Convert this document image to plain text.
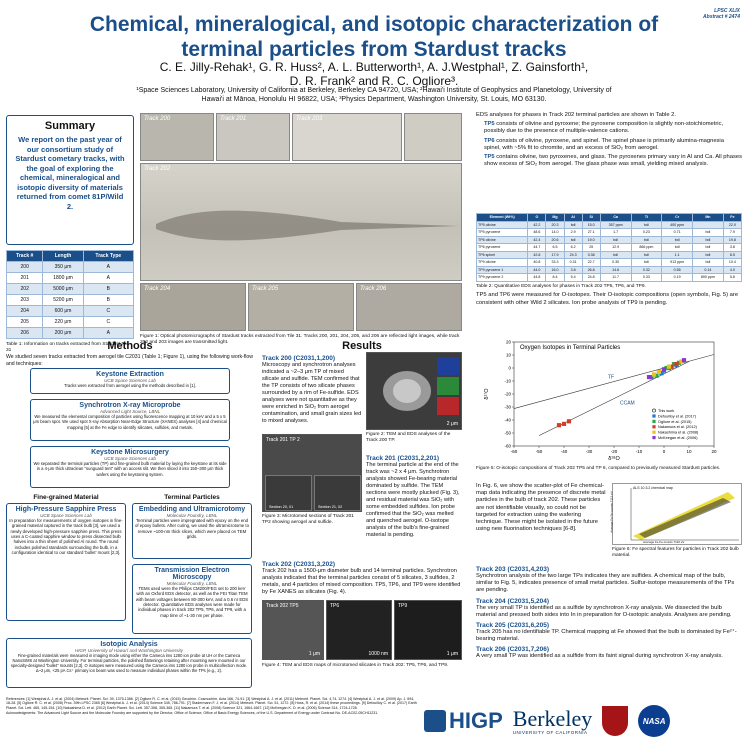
Chemical, mineralogical, and isotopic characterization of
terminal particles from Stardust tracks
LPSC XLIX
Abstract # 2474
C. E. Jilly-Rehak¹, G. R. Huss², A. L. Butterworth¹, A. J.Westphal¹, Z. Gainsforth¹,
D. R. Frank² and R. C. Ogliore³.
¹Space Sciences Laboratory, University of California at Berkeley, Berkeley CA 94720, USA; ²Hawai'i Institute of Geophysics and Planetology, University of
Hawai'i at Mānoa, Honolulu HI 96822, USA; ³Physics Department, Washington University, St. Louis, MO 63130.
Summary
We report on the past year of our consortium study of Stardust cometary tracks, with the goal of exploring the chemical, mineralogical and isotopic diversity of materials returned from comet 81P/Wild 2.
Track #	Length	Track Type
200	350 μm	A
201	1800 μm	A
202	5000 μm	B
203	5200 μm	B
204	600 μm	C
205	220 μm	C
206	200 μm	A
Table 1: Information on tracks extracted from Stardust Tile 31
Track 200	Track 201	Track 203
Track 202
Track 204	Track 205	Track 206
Figure 1: Optical photomicrographs of Stardust tracks extracted from Tile 31. Tracks 200, 201, 204, 205, and 206 are reflected light images, while track 202 and 203 images are transmitted light.
Methods
We studied seven tracks extracted from aerogel tile C2031 (Table 1; Figure 1), using the following work-flow and techniques:
Keystone Extraction
UCB Space Sciences Lab
Tracks were extracted from aerogel using the methods described in [1].
Synchrotron X-ray Microprobe
Advanced Light Source, LBNL
We measured the elemental composition of particles using fluorescence mapping at 10 keV and a 5 x 5 μm beam spot. We used spot X-ray Absorption Near-Edge Structure (XANES) analyses [4] and chemical mapping [5] at the Fe edge to identify silicates, sulfides, and metals.
Keystone Microsurgery
UCB Space Sciences Lab
We separated the terminal particles (TP) and fine-grained bulb material by laying the keystone at its side in a 4-μm thick ultraclean "sunguard tent" with an access slit. We then sliced it into 150–300 μm thick wafers using the keystoning system.
Fine-grained Material	Terminal Particles
High-Pressure Sapphire Press
UCB Space Sciences Lab
In preparation for measurements of oxygen isotopes in fine-grained material captured in the track bulb [3], we used a newly developed high-pressure sapphire press. This press uses a C-coated sapphire window to press dissected bulb halves into a thin sheet of polished Al round. The round includes polished standards surrounding the bulb, in a configuration identical to our standard 'bullet' mount [2,3].
Embedding and Ultramicrotomy
Molecular Foundry, LBNL
Terminal particles were impregnated with epoxy on the end of epoxy bullets. After curing, we used the ultramicrotome to remove ~100-nm thick slices, which were placed on TEM grids.
Transmission Electron Microscopy
Molecular Foundry, LBNL
TEMs used were the Philips CM200/FEG set to 200 keV with an Oxford EDS detector, as well as the FEI Titan TEM with beam voltages between 80-300 keV, and a 0.6 nr EDS detector. Quantitative EDS analyses were made for individual phases in track 202 TP5, TP6, and TP9, with a map time of ~1-30 nm per phase.
Isotopic Analysis
HIGP, University of Hawai'i and Washington University
Fine-grained materials were measured in imaging mode using either the Cameca ims 1280 ion probe at UH or the Cameca NanoSIMS at Washington University. For terminal particles, the polished flattenings retaining after mounting were mounted in our specialty-designed "bullet" mounts [2,3]. O isotopes were measured using the Cameca ims 1280 ion probe in multicollection mode. Δ~2 μm, <25 pA Cs⁺ primary ion beam was used to measure individual phases within the TPs (e.g., 2).
Results
Track 200 (C2031,1,200)
Microscopy and synchrotron analyses indicated a ~2–3 μm TP of mixed silicate and sulfide. TEM confirmed that the TP consists of two silicate phases surrounded by a rim of Fe-sulfide. EDS analyses were not quantitative as they were enriched in SiO₂ from aerogel contamination, and small grain sizes led to mixed analyses.	2 μm
Figure 2: TEM and EDS analyses of the Track 200 TP.
Track 201 TP 2
Section 20, 01	Section 21, 02
Figure 3: Microtomed sections of Track 201 TP2 showing aerogel and sulfide.
Track 201 (C2031,2,201)
The terminal particle at the end of the track was ~2 x 4 μm. Synchrotron analysis showed Fe-bearing material dominated by sulfide. The TEM sections were mostly plucked (Fig. 3), and residual material was SiO₂ with some embedded sulfides. Ion probe confirmed that the SiO₂ was melted and quenched aerogel. O-isotope analysis of the bulb's fine-grained material is pending.
Track 202 (C2031,3,202)
Track 202 has a 1500-μm diameter bulb and 14 terminal particles. Synchrotron analysis indicated that the terminal particles consist of 5 silicates, 3 sulfides, 2 metals, and 4 particles of mixed composition. TP5, TP6, and TP9 were identified by Fe XANES as silicates (Fig. 4).
Track 202 TP5
1 μm
TP6
1000 nm
TP9
1 μm
Figure 4: TEM and EDS maps of microtomed silicates in Track 202: TP5, TP6, and TP9.
EDS analyses for phases in Track 202 terminal particles are shown in Table 2.
TP5 consists of olivine and pyroxene; the pyroxene composition is slightly non-stoichiometric, possibly due to the presence of multiple-valence cations.
TP6 consists of olivine, pyroxene, and spinel. The spinel phase is primarily alumina-magnesia spinel, with ~5% fit to chromite, and an excess of SiO₂ from aerogel.
TP5 contains olivine, two pyroxenes, and glass. The pyroxenes primary vary in Al and Ca. All phases show excess of SiO₂ from aerogel. The glass phase was small, yielding mixed analysis.
Element (Wt%)	O	Mg	Al	Si	Ca	Ti	Cr	Mn	Fe
TP5 olivine	42.2	20.3	bdl	15.0	357 ppm	bdl	400 ppm		22.0
TP5 pyroxene	48.6	14.0	2.9	27.1	1.7	0.23	0.71	bdl	7.9
TP6 olivine	42.4	20.6	bdl	19.0	bdl	bdl	bdl	bdl	19.8
TP6 pyroxene	44.7	6.5	6.2	25	12.9	866 ppm	bdl	bdl	3.8
TP6 spinel	42.8	17.9	24.3	0.38	bdl	bdl	1.1	bdl	8.5
TP9 olivine	40.8	33.3	0.31	22.7	0.30	bdl	913 ppm	bdl	10.4
TP9 pyroxene 1	44.0	16.0	3.8	26.8	14.6	0.32	0.55	0.14	4.0
TP9 pyroxene 2	44.8	8.4	5.4	24.8	11.7	0.33	0.19	890 ppm	5.8
Table 2: Quantitative EDS analyses for phases in Track 202 TP5, TP6, and TP9.
TP5 and TP6 were measured for O-isotopes. Their O-isotopic compositions (open symbols, Fig. 5) are consistent with other Wild 2 silicates. Ion probe analysis of TP9 is pending.
-60	-50	-40	-30	-20	-10	0	10	20
-60
-50
-40
-30
-20
-10
0
10
20
Oxygen Isotopes in Terminal Particles
δ¹⁸O
δ¹⁷O
TF
CCAM
This work
Defouilloy et al. (2017)
Ogliore et al. (2015)
Nakamura et al. (2012)
Nakashima et al. (2008)
McKeegan et al. (2006)
Figure 5: O-isotopic compositions of Track 202 TP5 and TP 6, compared to previously measured Stardust particles.
In Fig. 6, we show the scatter-plot of Fe chemical-map data indicating the presence of discrete metal particles in the bulb of track 202. These particles are not identifiable visually, so could not be targeted for extraction using the wafering technique. These might be isolated in the future using new fluorination techniques [6-8].
ALS 10.3.2 chemical map
Average Fe Fe-counts 7110 eV
Average Fe Fe-counts 7112 eV
Figure 6: Fe spectral features for particles in Track 202 bulb material.
Track 203 (C2031,4,203)
Synchrotron analysis of the two large TPs indicates they are sulfides. A chemical map of the bulb, similar to Fig. 5, indicates presence of small metal particles. Sulfur-isotope measurements of the TPs are pending.
Track 204 (C2031,5,204)
The very small TP is identified as a sulfide by synchrotron X-ray analysis. We dissected the bulb material and pressed both sides into In in preparation for O-isotopic analysis. Analyses are pending.
Track 205 (C2031,6,205)
Track 205 has no identifiable TP. Chemical mapping at Fe showed that the bulb is dominated by Fe²⁺-bearing material.
Track 206 (C2031,7,206)
A very small TP was identified as a sulfide from its faint signal during synchrotron X-ray analysis.
References: [1] Westphal A. J. et al. (2004) Meteorit. Planet. Sci. 39, 1375-1386. [2] Ogliore R. C. et al. (2015) Geochim. Cosmochim. Acta 166, 74-91. [3] Westphal A. J. et al. (2011) Meteorit. Planet. Sci. 4,74, 1274. [4] Westphal A. J. et al. (2009) Ap. J. 694, 18-28. [5] Ogliore R. C. et al. (2008) Proc. 39th LPSC 2365 [6] Westphal A. J. et al. (2014) Science 345, 786-791. [7] Stadermann F. J. et al. (2014) Meteorit. Planet. Sci. 51, 1272. [8] Huss, R. et al. (2014) these proceedings. [9] Defouilloy C. et al. (2017) Earth Planet. Sci. Lett. 465, 145-154. [10] Nakashima D. et al. (2012) Earth Planet. Sci. Lett. 357-358, 355-365. [11] Nakamura T. et al. (2008) Science 321, 1664-1667. [12] McKeegan K. D. et al. (2006) Science 314, 1724-1728.
Acknowledgments: The Advanced Light Source and the Molecular Foundry are supported by the Director, Office of Science, Office of Basic Energy Sciences, of the U.S. Department of Energy under Contract No. DE-AC02-05CH11231.	HIGP Berkeley
UNIVERSITY OF CALIFORNIA
NASA
